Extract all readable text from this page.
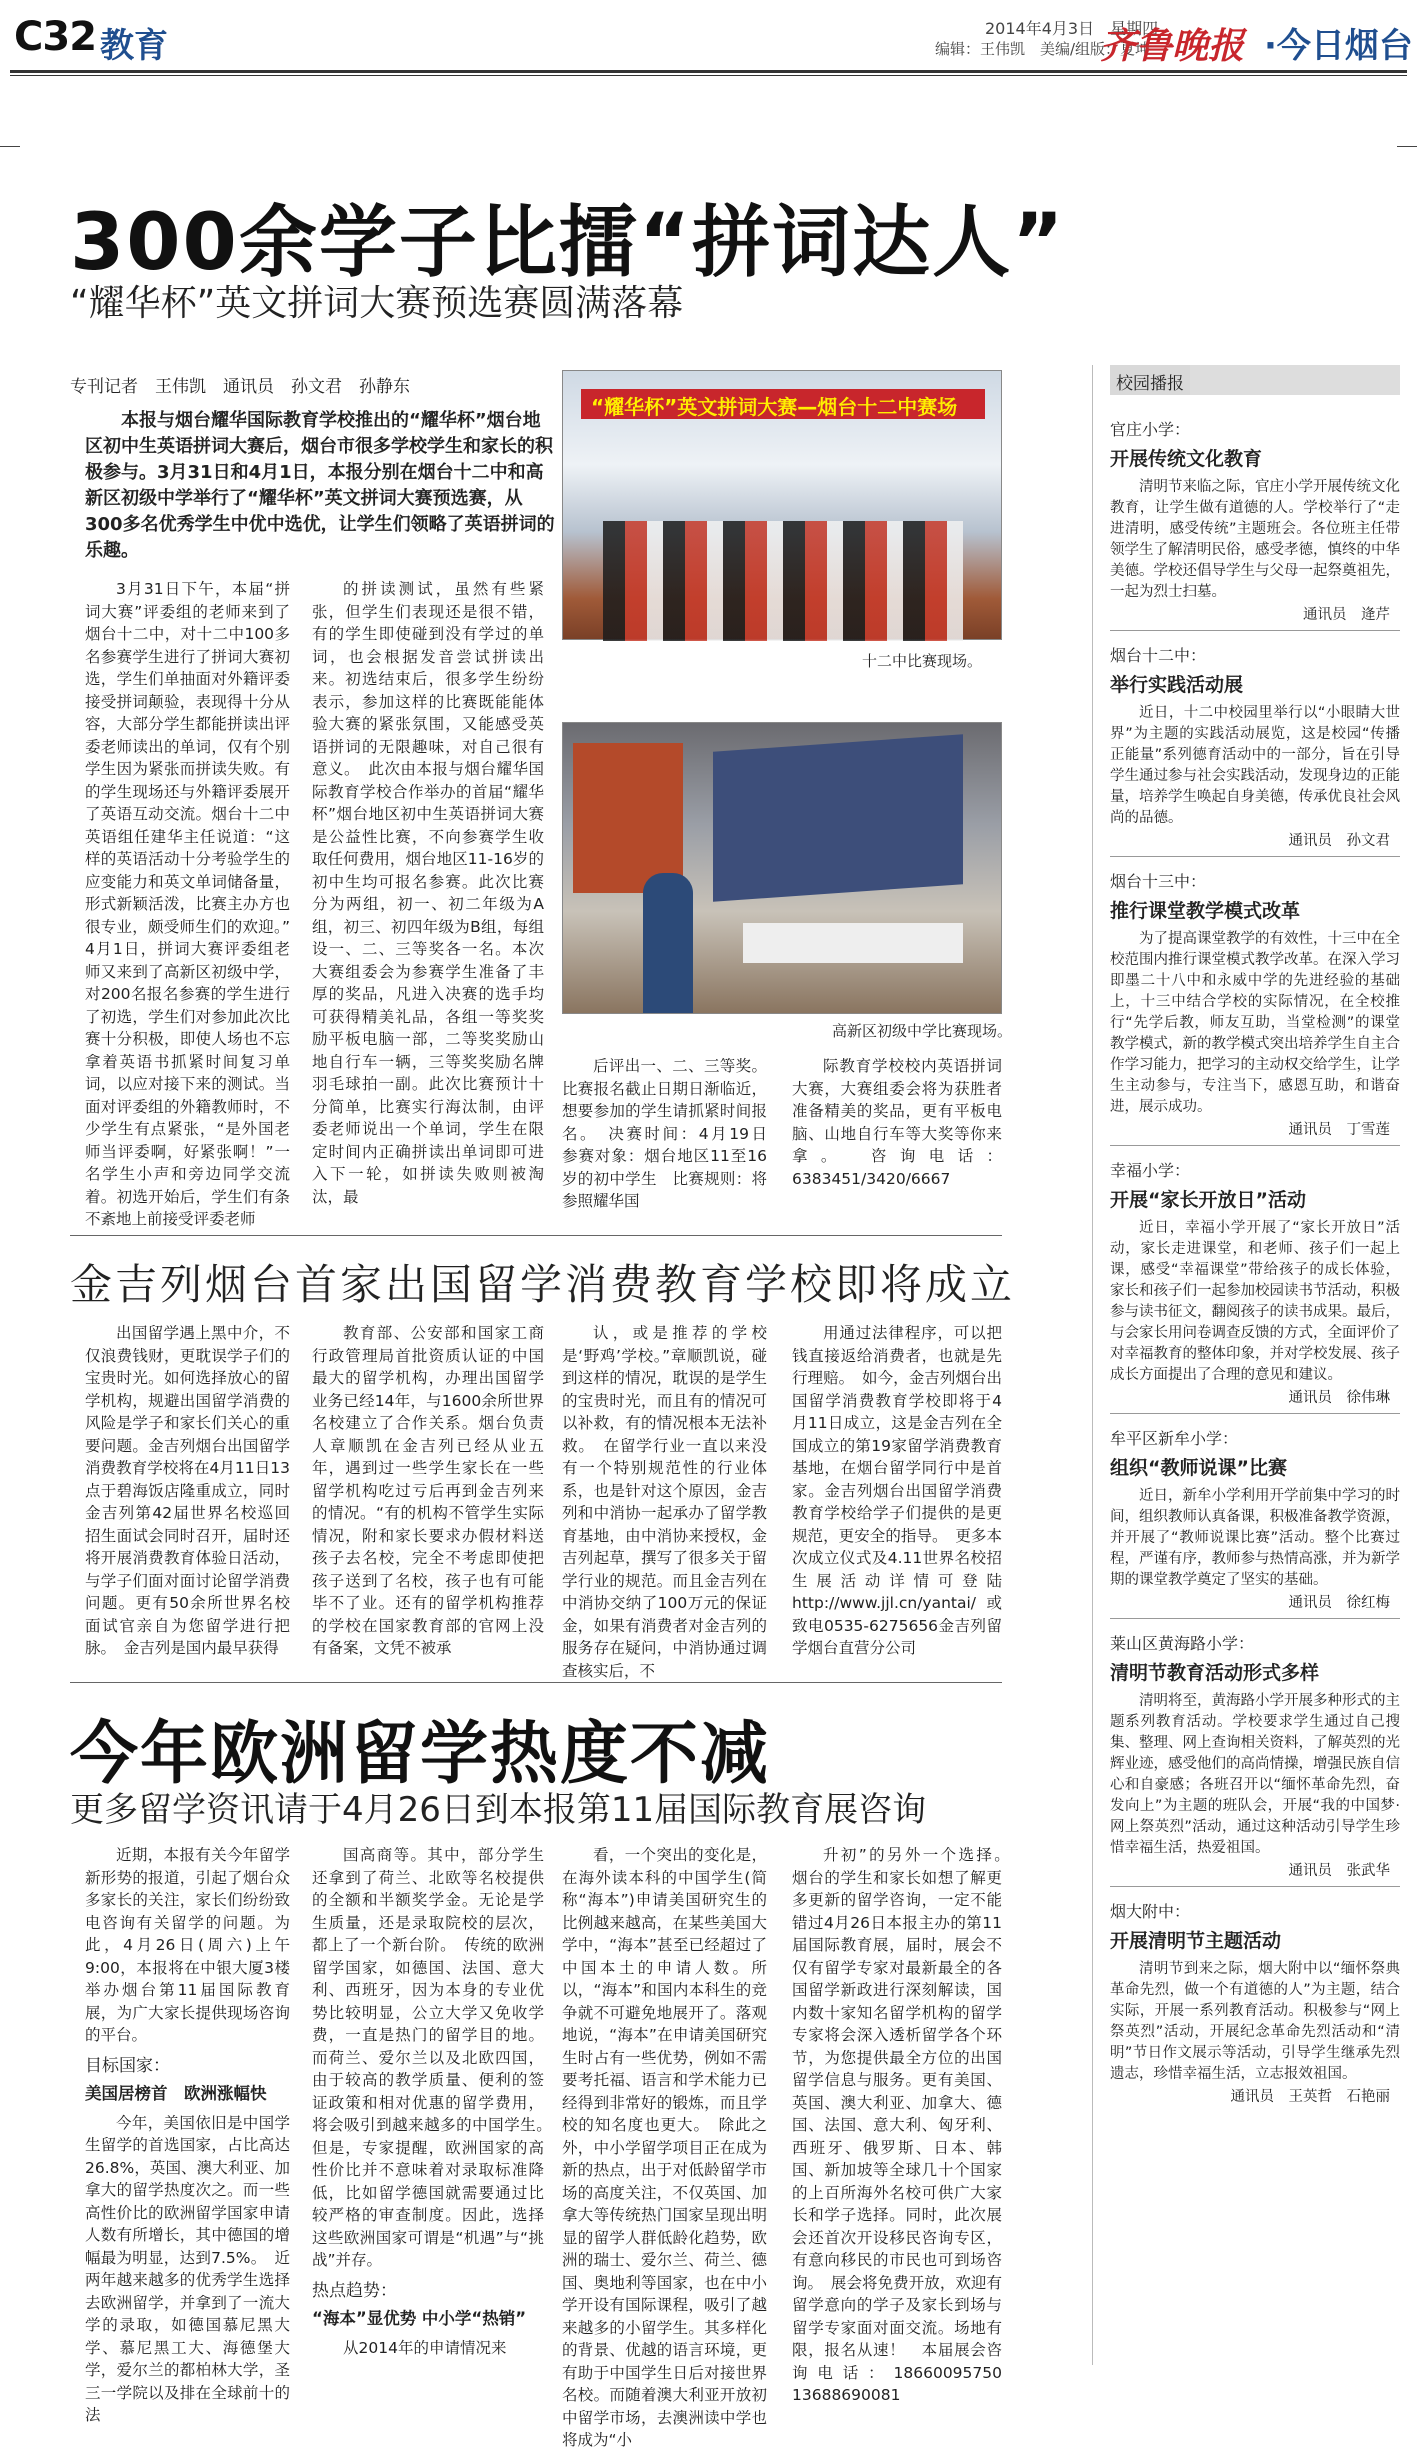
C32 教育	2014年4月3日　星期四
编辑：王伟凯　美编/组版：夏坤
齐鲁晚报 ·今日烟台
300余学子比擂“拼词达人”
“耀华杯”英文拼词大赛预选赛圆满落幕
专刊记者　王伟凯　通讯员　孙文君　孙静东
本报与烟台耀华国际教育学校推出的“耀华杯”烟台地区初中生英语拼词大赛后，烟台市很多学校学生和家长的积极参与。3月31日和4月1日，本报分别在烟台十二中和高新区初级中学举行了“耀华杯”英文拼词大赛预选赛，从300多名优秀学生中优中选优，让学生们领略了英语拼词的乐趣。
3月31日下午，本届“拼词大赛”评委组的老师来到了烟台十二中，对十二中100多名参赛学生进行了拼词大赛初选，学生们单抽面对外籍评委接受拼词颠验，表现得十分从容，大部分学生都能拼读出评委老师读出的单词，仅有个别学生因为紧张而拼读失败。有的学生现场还与外籍评委展开了英语互动交流。烟台十二中英语组任建华主任说道：“这样的英语活动十分考验学生的应变能力和英文单词储备量，形式新颖活泼，比赛主办方也很专业，颇受师生们的欢迎。”　4月1日，拼词大赛评委组老师又来到了高新区初级中学，对200名报名参赛的学生进行了初选，学生们对参加此次比赛十分积极，即使人场也不忘拿着英语书抓紧时间复习单词，以应对接下来的测试。当面对评委组的外籍教师时，不少学生有点紧张，“是外国老师当评委啊，好紧张啊！”一名学生小声和旁边同学交流着。初选开始后，学生们有条不紊地上前接受评委老师
的拼读测试，虽然有些紧张，但学生们表现还是很不错，有的学生即使碰到没有学过的单词，也会根据发音尝试拼读出来。初选结束后，很多学生纷纷表示，参加这样的比赛既能能体验大赛的紧张氛围，又能感受英语拼词的无限趣味，对自己很有意义。　此次由本报与烟台耀华国际教育学校合作举办的首届“耀华杯”烟台地区初中生英语拼词大赛是公益性比赛，不向参赛学生收取任何费用，烟台地区11-16岁的初中生均可报名参赛。此次比赛分为两组，初一、初二年级为A组，初三、初四年级为B组，每组设一、二、三等奖各一名。本次大赛组委会为参赛学生准备了丰厚的奖品，凡进入决赛的选手均可获得精美礼品，各组一等奖奖励平板电脑一部，二等奖奖励山地自行车一辆，三等奖奖励名牌羽毛球拍一副。此次比赛预计十分简单，比赛实行海汰制，由评委老师说出一个单词，学生在限定时间内正确拼读出单词即可进入下一轮，如拼读失败则被淘汰，最
“耀华杯”英文拼词大赛—烟台十二中赛场
十二中比赛现场。
高新区初级中学比赛现场。
后评出一、二、三等奖。比赛报名截止日期日渐临近，想要参加的学生请抓紧时间报名。　决赛时间：4月19日　参赛对象：烟台地区11至16岁的初中学生　比赛规则：将参照耀华国
际教育学校校内英语拼词大赛，大赛组委会将为获胜者准备精美的奖品，更有平板电脑、山地自行车等大奖等你来拿。　咨询电话：6383451/3420/6667
金吉列烟台首家出国留学消费教育学校即将成立
出国留学遇上黑中介，不仅浪费钱财，更耽误学子们的宝贵时光。如何选择放心的留学机构，规避出国留学消费的风险是学子和家长们关心的重要问题。金吉列烟台出国留学消费教育学校将在4月11日13点于碧海饭店隆重成立，同时金吉列第42届世界名校巡回招生面试会同时召开，届时还将开展消费教育体验日活动，与学子们面对面讨论留学消费问题。更有50余所世界名校面试官亲自为您留学进行把脉。　金吉列是国内最早获得
教育部、公安部和国家工商行政管理局首批资质认证的中国最大的留学机构，办理出国留学业务已经14年，与1600余所世界名校建立了合作关系。烟台负责人章顺凯在金吉列已经从业五年，遇到过一些学生家长在一些留学机构吃过亏后再到金吉列来的情况。“有的机构不管学生实际情况，附和家长要求办假材料送孩子去名校，完全不考虑即使把孩子送到了名校，孩子也有可能毕不了业。还有的留学机构推荐的学校在国家教育部的官网上没有备案，文凭不被承
认，或是推荐的学校是‘野鸡’学校。”章顺凯说，碰到这样的情况，耽误的是学生的宝贵时光，而且有的情况可以补救，有的情况根本无法补救。　在留学行业一直以来没有一个特别规范性的行业体系，也是针对这个原因，金吉列和中消协一起承办了留学教育基地，由中消协来授权，金吉列起草，撰写了很多关于留学行业的规范。而且金吉列在中消协交纳了100万元的保证金，如果有消费者对金吉列的服务存在疑问，中消协通过调查核实后，不
用通过法律程序，可以把钱直接返给消费者，也就是先行理赔。　如今，金吉列烟台出国留学消费教育学校即将于4月11日成立，这是金吉列在全国成立的第19家留学消费教育基地，在烟台留学同行中是首家。金吉列烟台出国留学消费教育学校给学子们提供的是更规范，更安全的指导。　更多本次成立仪式及4.11世界名校招生展活动详情可登陆http://www.jjl.cn/yantai/或致电0535-6275656金吉列留学烟台直营分公司
今年欧洲留学热度不减
更多留学资讯请于4月26日到本报第11届国际教育展咨询

近期，本报有关今年留学新形势的报道，引起了烟台众多家长的关注，家长们纷纷致电咨询有关留学的问题。为此，4月26日(周六)上午9:00，本报将在中银大厦3楼举办烟台第11届国际教育展，为广大家长提供现场咨询的平台。

目标国家：

美国居榜首　欧洲涨幅快

今年，美国依旧是中国学生留学的首选国家，占比高达26.8%，英国、澳大利亚、加拿大的留学热度次之。而一些高性价比的欧洲留学国家申请人数有所增长，其中德国的增幅最为明显，达到7.5%。　近两年越来越多的优秀学生选择去欧洲留学，并拿到了一流大学的录取，如德国慕尼黑大学、慕尼黑工大、海德堡大学，爱尔兰的都柏林大学，圣三一学院以及排在全球前十的法

国高商等。其中，部分学生还拿到了荷兰、北欧等名校提供的全额和半额奖学金。无论是学生质量，还是录取院校的层次，都上了一个新台阶。　传统的欧洲留学国家，如德国、法国、意大利、西班牙，因为本身的专业优势比较明显，公立大学又免收学费，一直是热门的留学目的地。而荷兰、爱尔兰以及北欧四国，由于较高的教学质量、便利的签证政策和相对优惠的留学费用，将会吸引到越来越多的中国学生。　但是，专家提醒，欧洲国家的高性价比并不意味着对录取标准降低，比如留学德国就需要通过比较严格的审查制度。因此，选择这些欧洲国家可谓是“机遇”与“挑战”并存。

热点趋势：

“海本”显优势 中小学“热销”

从2014年的申请情况来

看，一个突出的变化是，在海外读本科的中国学生(简称“海本”)申请美国研究生的比例越来越高，在某些美国大学中，“海本”甚至已经超过了中国本土的申请人数。所以，“海本”和国内本科生的竞争就不可避免地展开了。落观地说，“海本”在申请美国研究生时占有一些优势，例如不需要考托福、语言和学术能力已经得到非常好的锻炼，而且学校的知名度也更大。　除此之外，中小学留学项目正在成为新的热点，出于对低龄留学市场的高度关注，不仅英国、加拿大等传统热门国家呈现出明显的留学人群低龄化趋势，欧洲的瑞士、爱尔兰、荷兰、德国、奥地利等国家，也在中小学开设有国际课程，吸引了越来越多的小留学生。其多样化的背景、优越的语言环境，更有助于中国学生日后对接世界名校。而随着澳大利亚开放初中留学市场，去澳洲读中学也将成为“小
升初”的另外一个选择。　烟台的学生和家长如想了解更多更新的留学咨询，一定不能错过4月26日本报主办的第11届国际教育展，届时，展会不仅有留学专家对最新最全的各国留学新政进行深刻解读，国内数十家知名留学机构的留学专家将会深入透析留学各个环节，为您提供最全方位的出国留学信息与服务。更有美国、英国、澳大利亚、加拿大、德国、法国、意大利、匈牙利、西班牙、俄罗斯、日本、韩国、新加坡等全球几十个国家的上百所海外名校可供广大家长和学子选择。同时，此次展会还首次开设移民咨询专区，有意向移民的市民也可到场咨询。　展会将免费开放，欢迎有留学意向的学子及家长到场与留学专家面对面交流。场地有限，报名从速！　本届展会咨询电话：18660095750 13688690081
校园播报
官庄小学：
开展传统文化教育
清明节来临之际，官庄小学开展传统文化教育，让学生做有道德的人。学校举行了“走进清明，感受传统”主题班会。各位班主任带领学生了解清明民俗，感受孝德，慎终的中华美德。学校还倡导学生与父母一起祭奠祖先，一起为烈士扫墓。
通讯员　逄芹
烟台十二中：
举行实践活动展
近日，十二中校园里举行以“小眼睛大世界”为主题的实践活动展览，这是校园“传播正能量”系列德育活动中的一部分，旨在引导学生通过参与社会实践活动，发现身边的正能量，培养学生唤起自身美德，传承优良社会风尚的品德。
通讯员　孙文君
烟台十三中：
推行课堂教学模式改革
为了提高课堂教学的有效性，十三中在全校范围内推行课堂模式教学改革。在深入学习即墨二十八中和永威中学的先进经验的基础上，十三中结合学校的实际情况，在全校推行“先学后教，师友互助，当堂检测”的课堂教学模式，新的教学模式突出培养学生自主合作学习能力，把学习的主动权交给学生，让学生主动参与，专注当下，感恩互助，和谐奋进，展示成功。
通讯员　丁雪莲
幸福小学：
开展“家长开放日”活动
近日，幸福小学开展了“家长开放日”活动，家长走进课堂，和老师、孩子们一起上课，感受“幸福课堂”带给孩子的成长体验，家长和孩子们一起参加校园读书节活动，积极参与读书征文，翻阅孩子的读书成果。最后，与会家长用问卷调查反馈的方式，全面评价了对幸福教育的整体印象，并对学校发展、孩子成长方面提出了合理的意见和建议。
通讯员　徐伟琳
牟平区新牟小学：
组织“教师说课”比赛
近日，新牟小学利用开学前集中学习的时间，组织教师认真备课，积极准备教学资源，并开展了“教师说课比赛”活动。整个比赛过程，严谨有序，教师参与热情高涨，并为新学期的课堂教学奠定了坚实的基础。
通讯员　徐红梅
莱山区黄海路小学：
清明节教育活动形式多样
清明将至，黄海路小学开展多种形式的主题系列教育活动。学校要求学生通过自己搜集、整理、网上查询相关资料，了解英烈的光辉业迹，感受他们的高尚情操，增强民族自信心和自豪感；各班召开以“缅怀革命先烈，奋发向上”为主题的班队会，开展“我的中国梦·网上祭英烈”活动，通过这种活动引导学生珍惜幸福生活，热爱祖国。
通讯员　张武华
烟大附中：
开展清明节主题活动
清明节到来之际，烟大附中以“缅怀祭典革命先烈，做一个有道德的人”为主题，结合实际，开展一系列教育活动。积极参与“网上祭英烈”活动，开展纪念革命先烈活动和“清明”节日作文展示等活动，引导学生继承先烈遗志，珍惜幸福生活，立志报效祖国。
通讯员　王英哲　石艳丽
